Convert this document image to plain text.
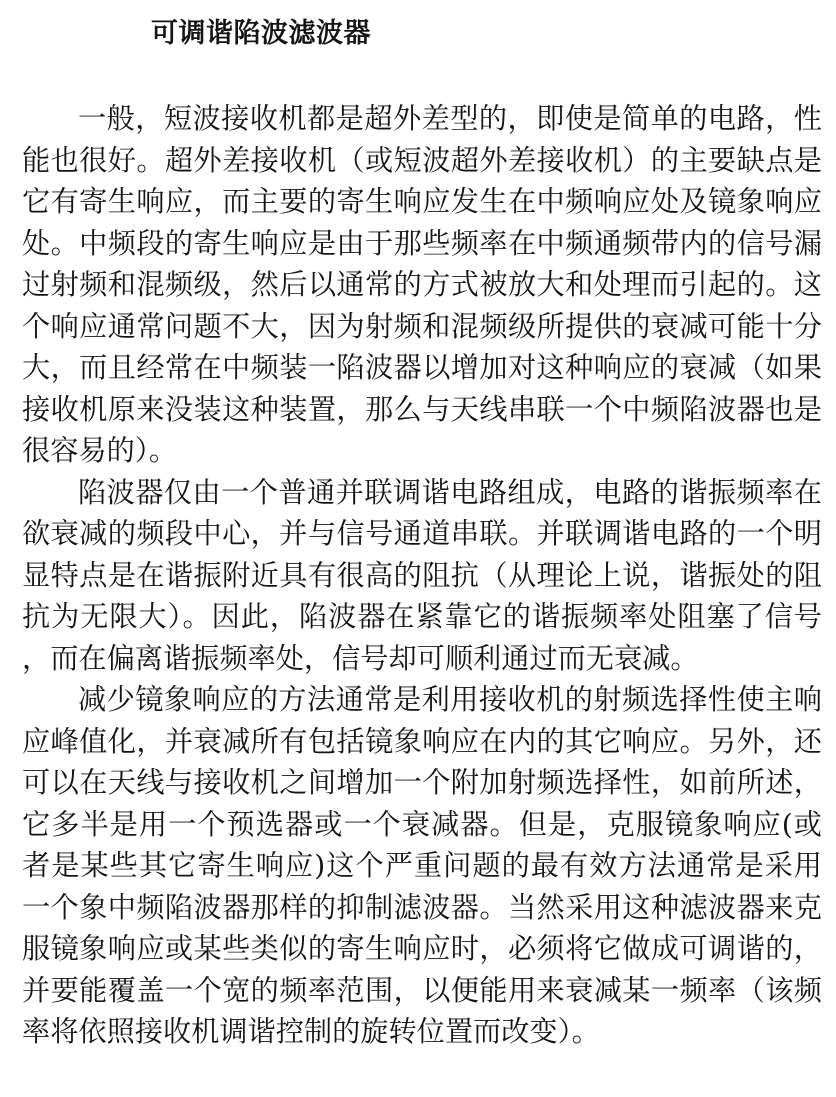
可调谐陷波滤波器

一般，短波接收机都是超外差型的，即使是简单的电路，性能也很好。超外差接收机（或短波超外差接收机）的主要缺点是它有寄生响应，而主要的寄生响应发生在中频响应处及镜象响应处。中频段的寄生响应是由于那些频率在中频通频带内的信号漏过射频和混频级，然后以通常的方式被放大和处理而引起的。这个响应通常问题不大，因为射频和混频级所提供的衰减可能十分大，而且经常在中频装一陷波器以增加对这种响应的衰减（如果接收机原来没装这种装置，那么与天线串联一个中频陷波器也是很容易的）。

陷波器仅由一个普通并联调谐电路组成，电路的谐振频率在欲衰减的频段中心，并与信号通道串联。并联调谐电路的一个明显特点是在谐振附近具有很高的阻抗（从理论上说，谐振处的阻抗为无限大）。因此，陷波器在紧靠它的谐振频率处阻塞了信号，而在偏离谐振频率处，信号却可顺利通过而无衰减。

减少镜象响应的方法通常是利用接收机的射频选择性使主响应峰值化，并衰减所有包括镜象响应在内的其它响应。另外，还可以在天线与接收机之间增加一个附加射频选择性，如前所述，它多半是用一个预选器或一个衰减器。但是，克服镜象响应(或者是某些其它寄生响应)这个严重问题的最有效方法通常是采用一个象中频陷波器那样的抑制滤波器。当然采用这种滤波器来克服镜象响应或某些类似的寄生响应时，必须将它做成可调谐的，并要能覆盖一个宽的频率范围，以便能用来衰减某一频率（该频率将依照接收机调谐控制的旋转位置而改变）。
